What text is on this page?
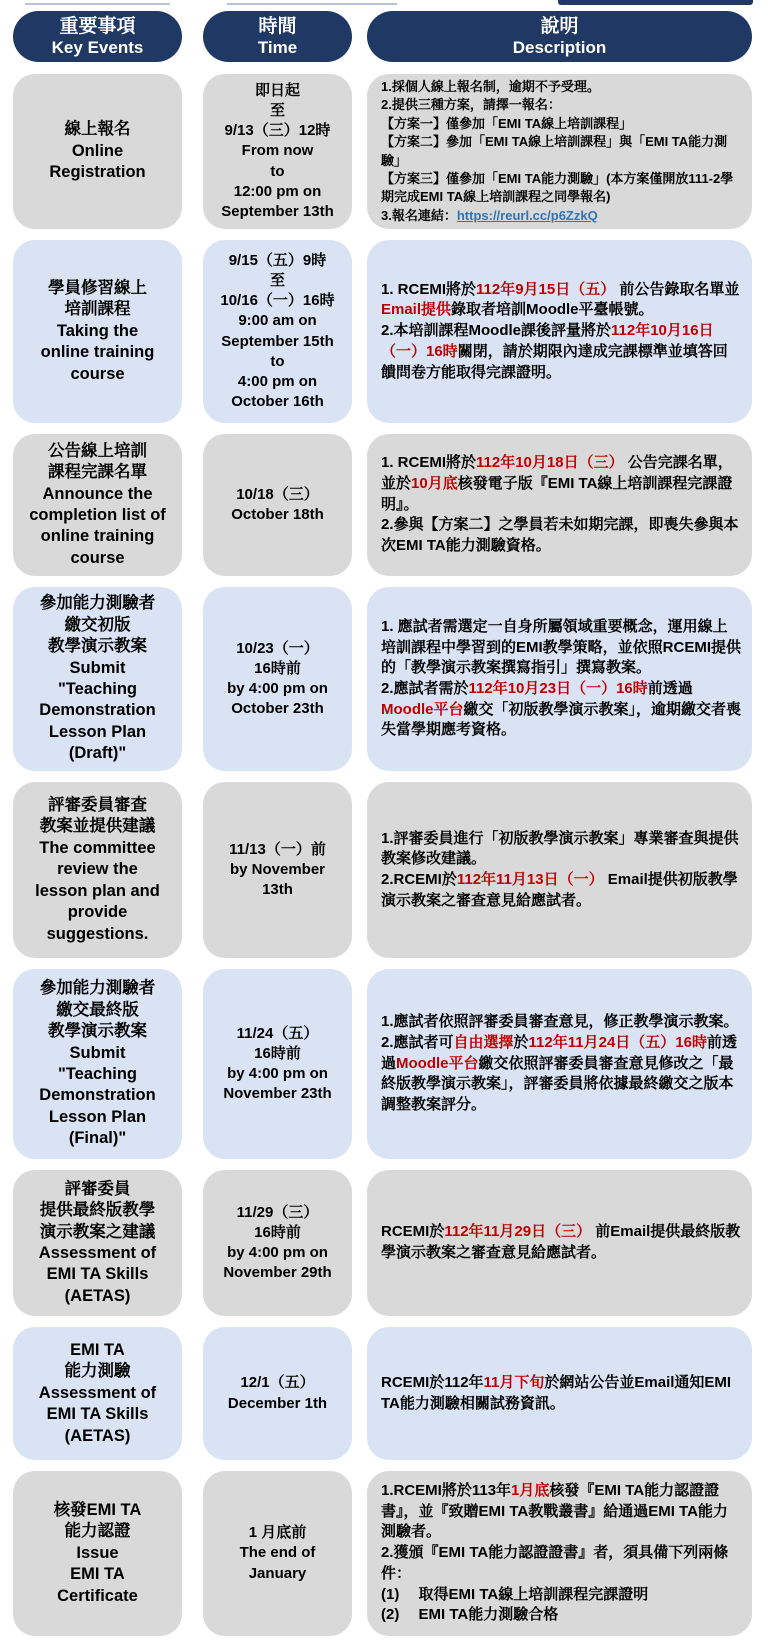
重要事項
Key Events
時間
Time
說明
Description
線上報名
Online
Registration
即日起
至
9/13（三）12時
From now
to
12:00 pm on
September 13th
1.採個人線上報名制，逾期不予受理。
2.提供三種方案，請擇一報名：
【方案一】僅參加「EMI TA線上培訓課程」
【方案二】參加「EMI TA線上培訓課程」與「EMI TA能力測驗」
【方案三】僅參加「EMI TA能力測驗」(本方案僅開放111-2學期完成EMI TA線上培訓課程之同學報名)
3.報名連結：https://reurl.cc/p6ZzkQ
學員修習線上
培訓課程
Taking the
online training
course
9/15（五）9時
至
10/16（一）16時
9:00 am on
September 15th
to
4:00 pm on
October 16th
1. RCEMI將於112年9月15日（五） 前公告錄取名單並Email提供錄取者培訓Moodle平臺帳號。
2.本培訓課程Moodle課後評量將於112年10月16日（一）16時關閉，請於期限內達成完課標準並填答回饋問卷方能取得完課證明。
公告線上培訓
課程完課名單
Announce the
completion list of
online training
course
10/18（三）
October 18th
1. RCEMI將於112年10月18日（三） 公告完課名單，並於10月底核發電子版『EMI TA線上培訓課程完課證明』。
2.參與【方案二】之學員若未如期完課，即喪失參與本次EMI TA能力測驗資格。
參加能力測驗者
繳交初版
教學演示教案
Submit
"Teaching
Demonstration
Lesson Plan
(Draft)"
10/23（一）
16時前
by 4:00 pm on
October 23th
1. 應試者需選定一自身所屬領域重要概念，運用線上培訓課程中學習到的EMI教學策略，並依照RCEMI提供的「教學演示教案撰寫指引」撰寫教案。
2.應試者需於112年10月23日（一）16時前透過Moodle平台繳交「初版教學演示教案」，逾期繳交者喪失當學期應考資格。
評審委員審查
教案並提供建議
The committee
review the
lesson plan and
provide
suggestions.
11/13（一）前
by November
13th
1.評審委員進行「初版教學演示教案」專業審查與提供教案修改建議。
2.RCEMI於112年11月13日（一） Email提供初版教學演示教案之審查意見給應試者。
參加能力測驗者
繳交最終版
教學演示教案
Submit
"Teaching
Demonstration
Lesson Plan
(Final)"
11/24（五）
16時前
by 4:00 pm on
November 23th
1.應試者依照評審委員審查意見，修正教學演示教案。
2.應試者可自由選擇於112年11月24日（五）16時前透過Moodle平台繳交依照評審委員審查意見修改之「最終版教學演示教案」，評審委員將依據最終繳交之版本調整教案評分。
評審委員
提供最終版教學
演示教案之建議
Assessment of
EMI TA Skills
(AETAS)
11/29（三）
16時前
by 4:00 pm on
November 29th
RCEMI於112年11月29日（三） 前Email提供最終版教學演示教案之審查意見給應試者。
EMI TA
能力測驗
Assessment of
EMI TA Skills
(AETAS)
12/1（五）
December 1th
RCEMI於112年11月下旬於網站公告並Email通知EMI TA能力測驗相關試務資訊。
核發EMI TA
能力認證
Issue
EMI TA
Certificate
1 月底前
The end of
January
1.RCEMI將於113年1月底核發『EMI TA能力認證證書』，並『致贈EMI TA教戰叢書』給通過EMI TA能力測驗者。
2.獲頒『EMI TA能力認證證書』者，須具備下列兩條件：
(1)　 取得EMI TA線上培訓課程完課證明
(2)　 EMI TA能力測驗合格
